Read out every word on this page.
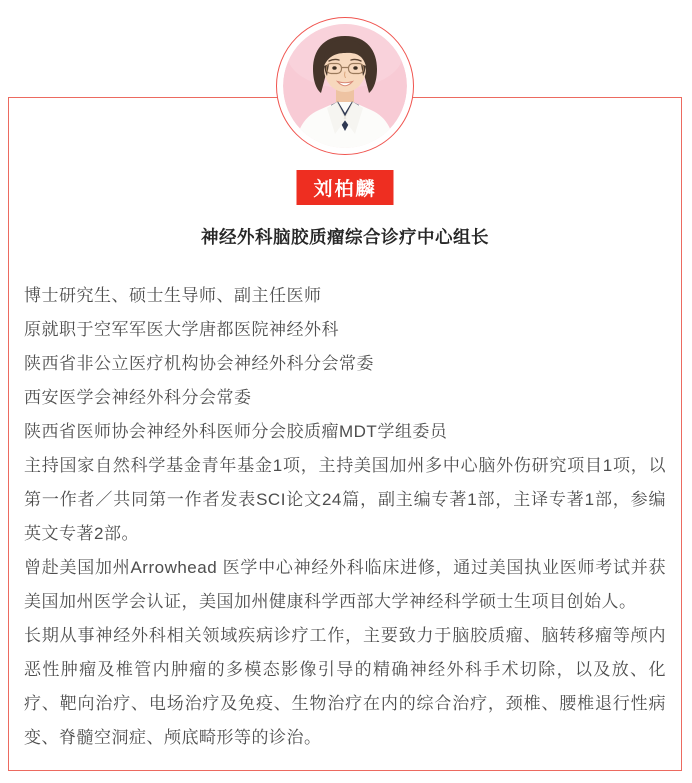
刘柏麟
神经外科脑胶质瘤综合诊疗中心组长

博士研究生、硕士生导师、副主任医师

原就职于空军军医大学唐都医院神经外科

陕西省非公立医疗机构协会神经外科分会常委

西安医学会神经外科分会常委

陕西省医师协会神经外科医师分会胶质瘤MDT学组委员

主持国家自然科学基金青年基金1项，主持美国加州多中心脑外伤研究项目1项，以第一作者／共同第一作者发表SCI论文24篇，副主编专著1部，主译专著1部，参编英文专著2部。

曾赴美国加州Arrowhead 医学中心神经外科临床进修，通过美国执业医师考试并获美国加州医学会认证，美国加州健康科学西部大学神经科学硕士生项目创始人。

长期从事神经外科相关领域疾病诊疗工作，主要致力于脑胶质瘤、脑转移瘤等颅内恶性肿瘤及椎管内肿瘤的多模态影像引导的精确神经外科手术切除，以及放、化疗、靶向治疗、电场治疗及免疫、生物治疗在内的综合治疗，颈椎、腰椎退行性病变、脊髓空洞症、颅底畸形等的诊治。
